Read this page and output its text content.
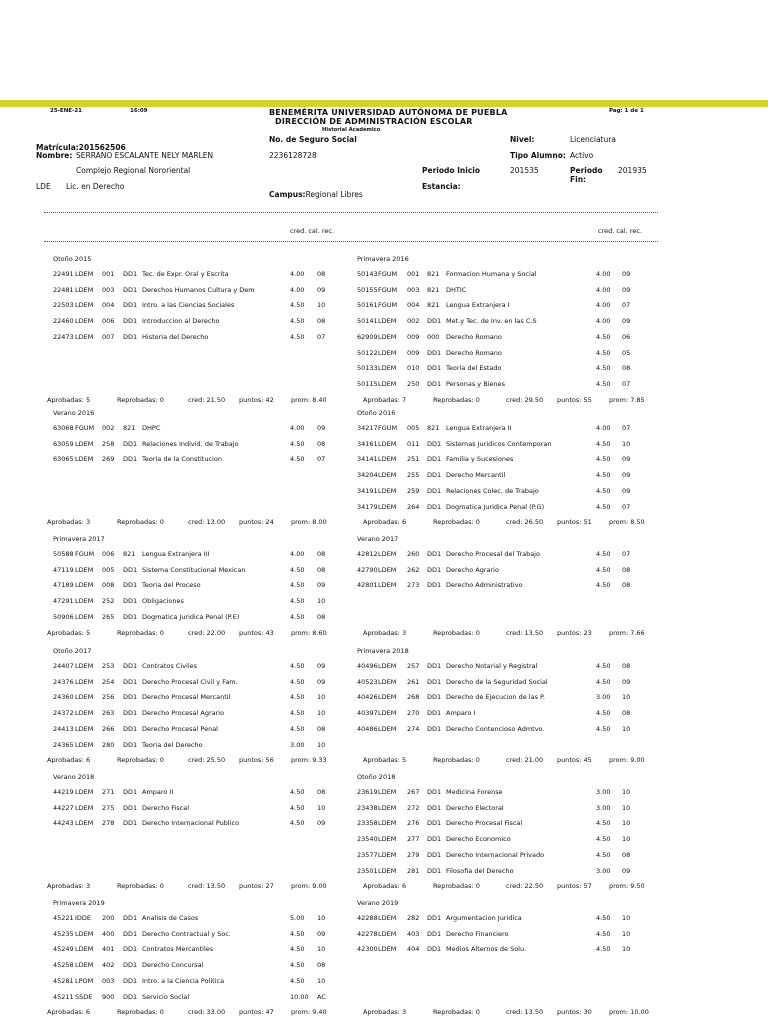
25-ENE-21	16:09	BENEMÉRITA UNIVERSIDAD AUTÓNOMA DE PUEBLA
DIRECCIÓN DE ADMINISTRACIÓN ESCOLAR
Historial Académico
Pag: 1 de 1
Matrícula:201562506
No. de Seguro Social	Nivel:	Licenciatura
Nombre: SERRANO ESCALANTE NELY MARLEN	2236128728	Tipo Alumno: Activo
Complejo Regional Nororiental	Periodo Inicio	201535	Periodo Fin:
201935
LDE Lic. en Derecho
Campus:Regional Libres
Estancia:
cred. cal. rec.	cred. cal. rec.
Otoño 2015
22491 LDEM 001 DD1 Tec. de Expr. Oral y Escrita	4.00 08
22481 LDEM 003 DD1 Derechos Humanos Cultura y Dem	4.00 09
22503 LDEM 004 DD1 Intro. a las Ciencias Sociales	4.50 10
22460 LDEM 006 DD1 Introduccion al Derecho	4.50 08
22473 LDEM 007 DD1 Historia del Derecho	4.50 07
Aprobadas: 5	Reprobadas: 0	cred: 21.50 puntos: 42	prom: 8.40
Primavera 2016
50143 FGUM 001 821 Formacion Humana y Social	4.00 09
50155 FGUM 003 821 DHTIC	4.00 09
50161 FGUM 004 821 Lengua Extranjera I	4.00 07
50141 LDEM 002 DD1 Met.y Tec. de Inv. en las C.S	4.00 09
62909 LDEM 009 000 Derecho Romano	4.50 06
50122 LDEM 009 DD1 Derecho Romano	4.50 05
50133 LDEM 010 DD1 Teoria del Estado	4.50 08
50115 LDEM 250 DD1 Personas y Bienes	4.50 07
Aprobadas: 7	Reprobadas: 0	cred: 29.50 puntos: 55	prom: 7.85
Verano 2016
63068 FGUM 002 821 DHPC	4.00 09
63059 LDEM 258 DD1 Relaciones Individ. de Trabajo	4.50 08
63065 LDEM 269 DD1 Teoria de la Constitucion	4.50 07
Aprobadas: 3	Reprobadas: 0	cred: 13.00 puntos: 24	prom: 8.00
Otoño 2016
34217 FGUM 005 821 Lengua Extranjera II	4.00 07
34161 LDEM 011 DD1 Sistemas Juridicos Contemporan	4.50 10
34141 LDEM 251 DD1 Familia y Sucesiones	4.50 09
34204 LDEM 255 DD1 Derecho Mercantil	4.50 09
34191 LDEM 259 DD1 Relaciones Colec. de Trabajo	4.50 09
34179 LDEM 264 DD1 Dogmatica Juridica Penal (P.G)	4.50 07
Aprobadas: 6	Reprobadas: 0	cred: 26.50 puntos: 51	prom: 8.50
Primavera 2017
50588 FGUM 006 821 Lengua Extranjera III	4.00 08
47119 LDEM 005 DD1 Sistema Constitucional Mexican	4.50 08
47189 LDEM 008 DD1 Teoria del Proceso	4.50 09
47291 LDEM 252 DD1 Obligaciones	4.50 10
50906 LDEM 265 DD1 Dogmatica Juridica Penal (P.E)	4.50 08
Aprobadas: 5	Reprobadas: 0	cred: 22.00 puntos: 43	prom: 8.60
Verano 2017
42812 LDEM 260 DD1 Derecho Procesal del Trabajo	4.50 07
42790 LDEM 262 DD1 Derecho Agrario	4.50 08
42801 LDEM 273 DD1 Derecho Administrativo	4.50 08
Aprobadas: 3	Reprobadas: 0	cred: 13.50 puntos: 23	prom: 7.66
Otoño 2017
24407 LDEM 253 DD1 Contratos Civiles	4.50 09
24376 LDEM 254 DD1 Derecho Procesal Civil y Fam.	4.50 09
24360 LDEM 256 DD1 Derecho Procesal Mercantil	4.50 10
24372 LDEM 263 DD1 Derecho Procesal Agrario	4.50 10
24413 LDEM 266 DD1 Derecho Procesal Penal	4.50 08
24365 LDEM 280 DD1 Teoria del Derecho	3.00 10
Aprobadas: 6	Reprobadas: 0	cred: 25.50 puntos: 56	prom: 9.33
Primavera 2018
40496 LDEM 257 DD1 Derecho Notarial y Registral	4.50 08
40523 LDEM 261 DD1 Derecho de la Seguridad Social	4.50 09
40426 LDEM 268 DD1 Derecho de Ejecucion de las P.	3.00 10
40397 LDEM 270 DD1 Amparo I	4.50 08
40486 LDEM 274 DD1 Derecho Contencioso Admtvo.	4.50 10
Aprobadas: 5	Reprobadas: 0	cred: 21.00 puntos: 45	prom: 9.00
Verano 2018
44219 LDEM 271 DD1 Amparo II	4.50 08
44227 LDEM 275 DD1 Derecho Fiscal	4.50 10
44243 LDEM 278 DD1 Derecho Internacional Publico	4.50 09
Aprobadas: 3	Reprobadas: 0	cred: 13.50 puntos: 27	prom: 9.00
Otoño 2018
23619 LDEM 267 DD1 Medicina Forense	3.00 10
23438 LDEM 272 DD1 Derecho Electoral	3.00 10
23358 LDEM 276 DD1 Derecho Procesal Fiscal	4.50 10
23540 LDEM 277 DD1 Derecho Economico	4.50 10
23577 LDEM 279 DD1 Derecho Internacional Privado	4.50 08
23501 LDEM 281 DD1 Filosofia del Derecho	3.00 09
Aprobadas: 6	Reprobadas: 0	cred: 22.50 puntos: 57	prom: 9.50
Primavera 2019
45221 IDDE 200 DD1 Analisis de Casos	5.00 10
45235 LDEM 400 DD1 Derecho Contractual y Soc.	4.50 09
45249 LDEM 401 DD1 Contratos Mercantiles	4.50 10
45258 LDEM 402 DD1 Derecho Concursal	4.50 08
45281 LPOM 003 DD1 Intro. a la Ciencia Politica	4.50 10
45211 SSDE 900 DD1 Servicio Social	10.00 AC
Aprobadas: 6	Reprobadas: 0	cred: 33.00 puntos: 47	prom: 9.40
Verano 2019
42288 LDEM 282 DD1 Argumentacion Juridica	4.50 10
42278 LDEM 403 DD1 Derecho Financiero	4.50 10
42300 LDEM 404 DD1 Medios Alternos de Solu.	4.50 10
Aprobadas: 3	Reprobadas: 0	cred: 13.50 puntos: 30	prom: 10.00
